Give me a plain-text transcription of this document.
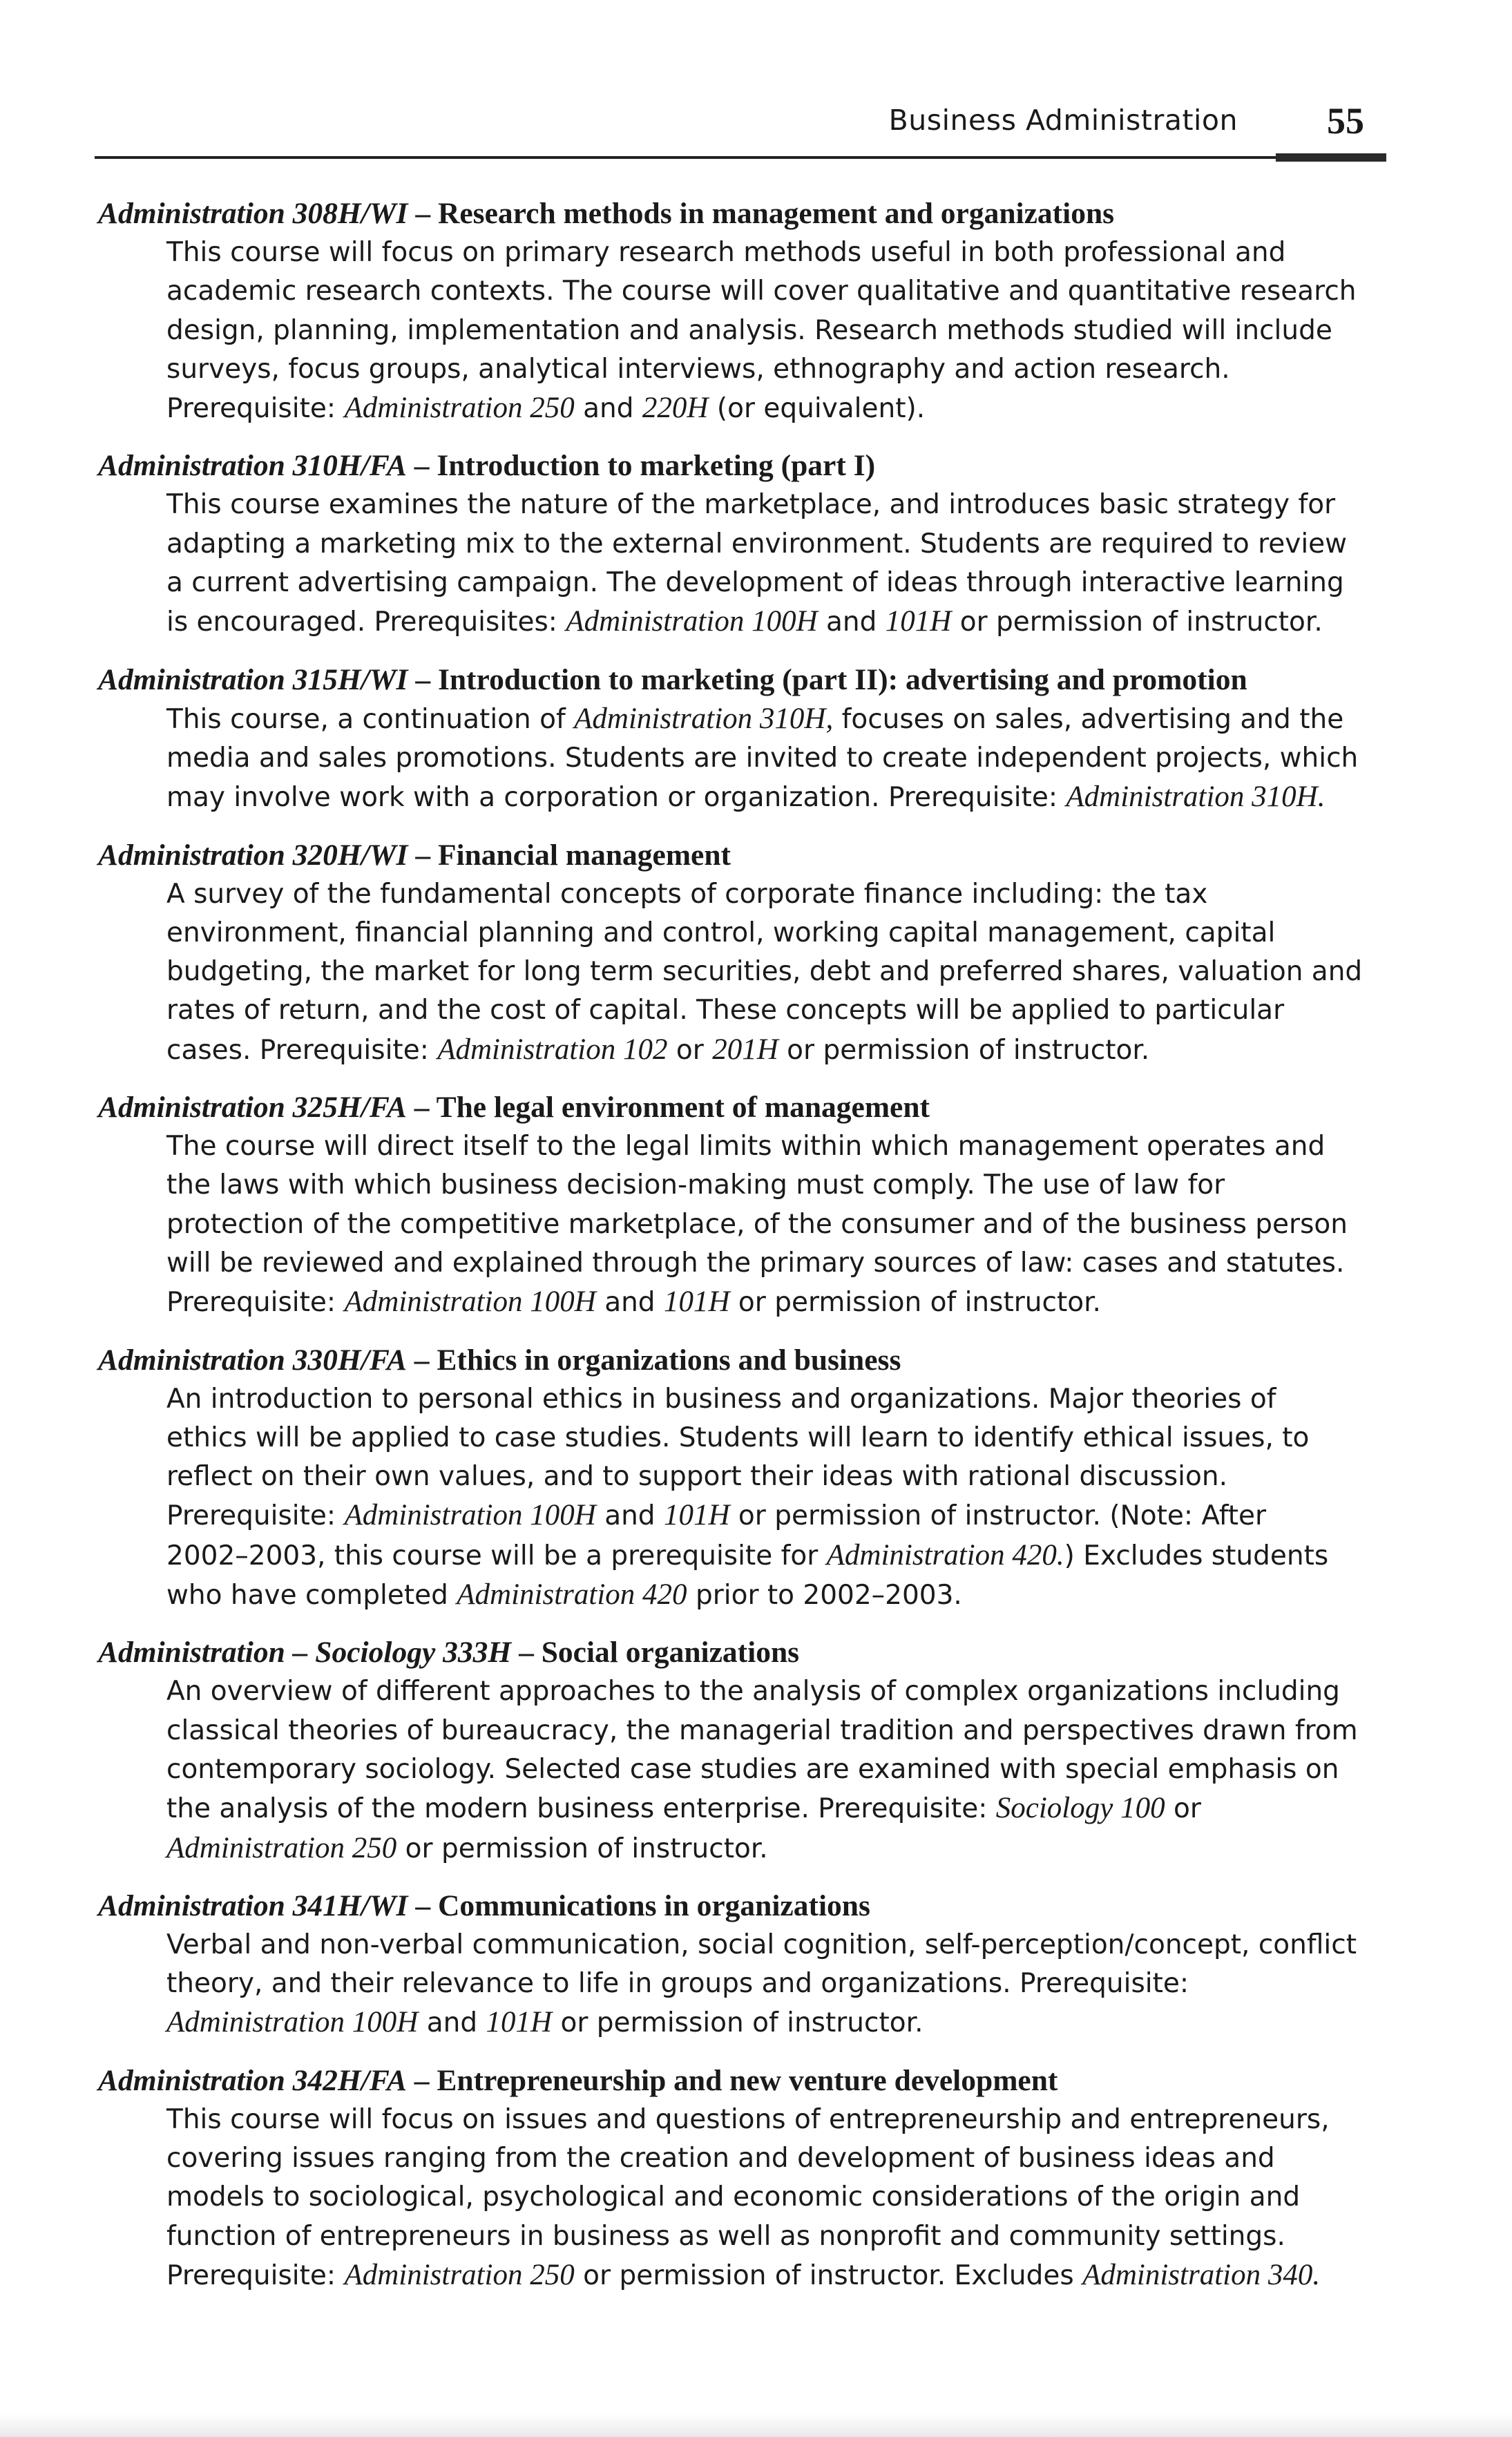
Business Administration 55
Administration 308H/WI – Research methods in management and organizations

This course will focus on primary research methods useful in both professional and

academic research contexts. The course will cover qualitative and quantitative research

design, planning, implementation and analysis. Research methods studied will include

surveys, focus groups, analytical interviews, ethnography and action research.

Prerequisite: Administration 250 and 220H (or equivalent).

Administration 310H/FA – Introduction to marketing (part I)

This course examines the nature of the marketplace, and introduces basic strategy for

adapting a marketing mix to the external environment. Students are required to review

a current advertising campaign. The development of ideas through interactive learning

is encouraged. Prerequisites: Administration 100H and 101H or permission of instructor.

Administration 315H/WI – Introduction to marketing (part II): advertising and promotion

This course, a continuation of Administration 310H, focuses on sales, advertising and the

media and sales promotions. Students are invited to create independent projects, which

may involve work with a corporation or organization. Prerequisite: Administration 310H.

Administration 320H/WI – Financial management

A survey of the fundamental concepts of corporate finance including: the tax

environment, financial planning and control, working capital management, capital

budgeting, the market for long term securities, debt and preferred shares, valuation and

rates of return, and the cost of capital. These concepts will be applied to particular

cases. Prerequisite: Administration 102 or 201H or permission of instructor.

Administration 325H/FA – The legal environment of management

The course will direct itself to the legal limits within which management operates and

the laws with which business decision-making must comply. The use of law for

protection of the competitive marketplace, of the consumer and of the business person

will be reviewed and explained through the primary sources of law: cases and statutes.

Prerequisite: Administration 100H and 101H or permission of instructor.

Administration 330H/FA – Ethics in organizations and business

An introduction to personal ethics in business and organizations. Major theories of

ethics will be applied to case studies. Students will learn to identify ethical issues, to

reflect on their own values, and to support their ideas with rational discussion.

Prerequisite: Administration 100H and 101H or permission of instructor. (Note: After

2002–2003, this course will be a prerequisite for Administration 420.) Excludes students

who have completed Administration 420 prior to 2002–2003.

Administration – Sociology 333H – Social organizations

An overview of different approaches to the analysis of complex organizations including

classical theories of bureaucracy, the managerial tradition and perspectives drawn from

contemporary sociology. Selected case studies are examined with special emphasis on

the analysis of the modern business enterprise. Prerequisite: Sociology 100 or

Administration 250 or permission of instructor.

Administration 341H/WI – Communications in organizations

Verbal and non-verbal communication, social cognition, self-perception/concept, conflict

theory, and their relevance to life in groups and organizations. Prerequisite:

Administration 100H and 101H or permission of instructor.

Administration 342H/FA – Entrepreneurship and new venture development

This course will focus on issues and questions of entrepreneurship and entrepreneurs,

covering issues ranging from the creation and development of business ideas and

models to sociological, psychological and economic considerations of the origin and

function of entrepreneurs in business as well as nonprofit and community settings.

Prerequisite: Administration 250 or permission of instructor. Excludes Administration 340.
